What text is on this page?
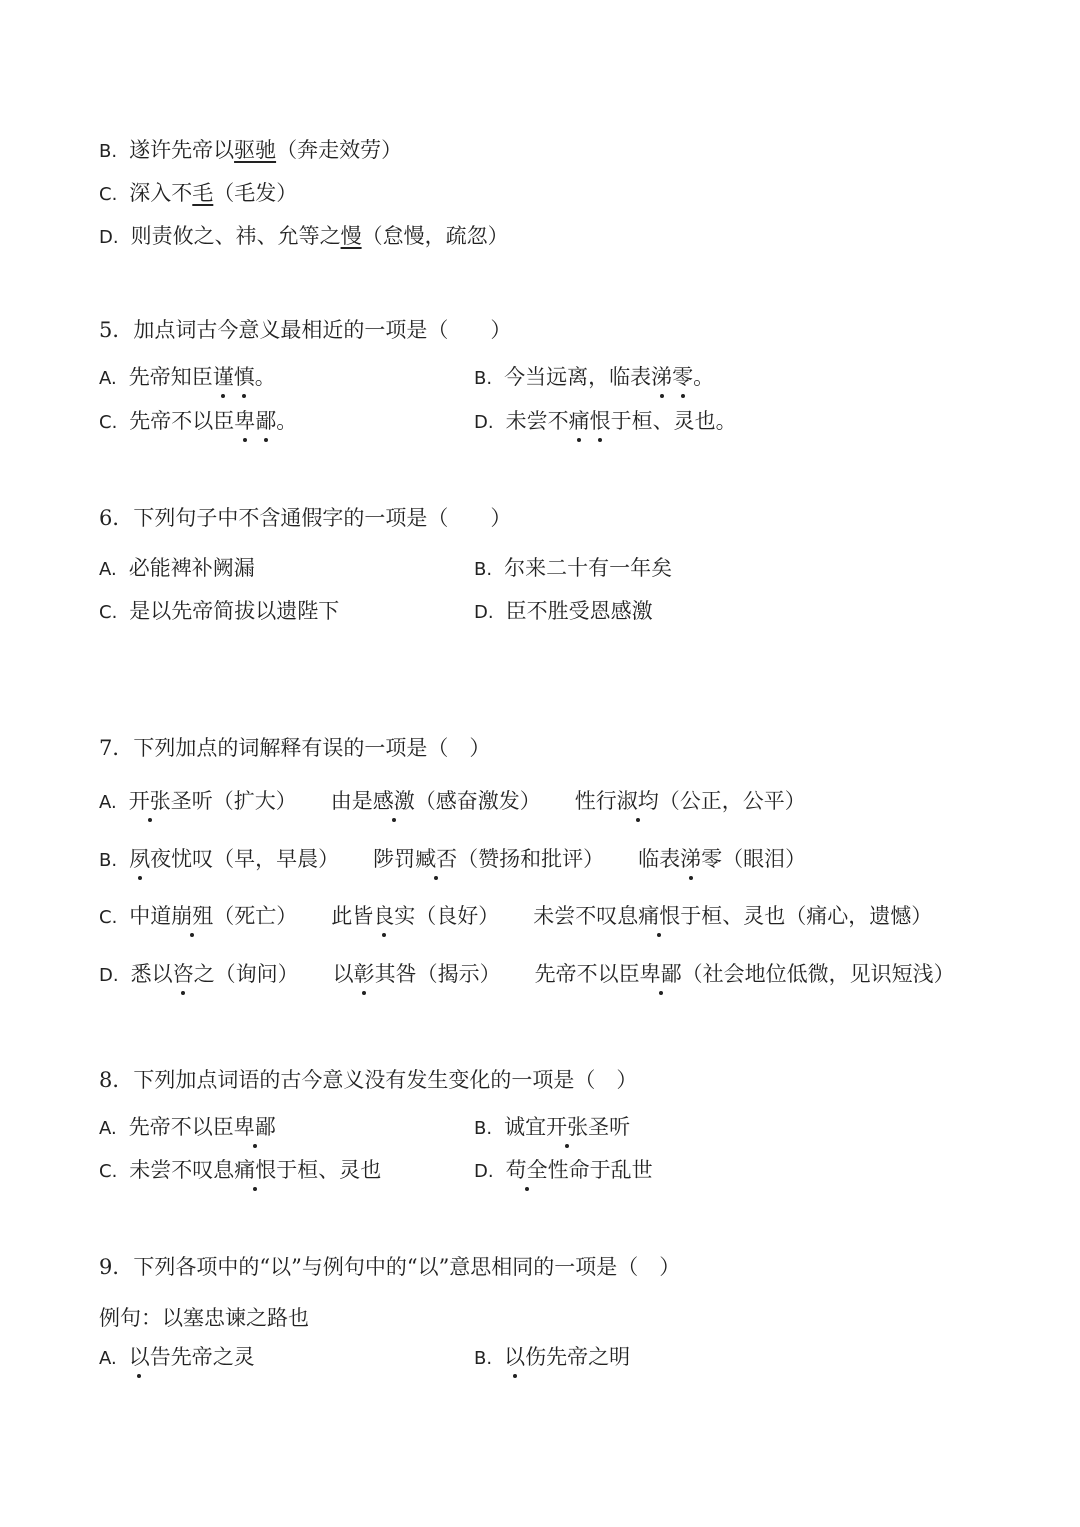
B. 遂许先帝以驱驰（奔走效劳）
C. 深入不毛（毛发）
D. 则责攸之、祎、允等之慢（怠慢，疏忽）
5．加点词古今意义最相近的一项是（　　）
A. 先帝知臣谨慎。	B. 今当远离，临表涕零。
C. 先帝不以臣卑鄙。	D. 未尝不痛恨于桓、灵也。
6．下列句子中不含通假字的一项是（　　）
A. 必能裨补阙漏	B. 尔来二十有一年矣
C. 是以先帝简拔以遗陛下	D. 臣不胜受恩感激
7．下列加点的词解释有误的一项是（　）
A. 开张圣听（扩大） 由是感激（感奋激发） 性行淑均（公正，公平）
B. 夙夜忧叹（早，早晨） 陟罚臧否（赞扬和批评） 临表涕零（眼泪）
C. 中道崩殂（死亡） 此皆良实（良好） 未尝不叹息痛恨于桓、灵也（痛心，遗憾）
D. 悉以咨之（询问） 以彰其咎（揭示） 先帝不以臣卑鄙（社会地位低微，见识短浅）
8．下列加点词语的古今意义没有发生变化的一项是（　）
A. 先帝不以臣卑鄙	B. 诚宜开张圣听
C. 未尝不叹息痛恨于桓、灵也	D. 苟全性命于乱世
9．下列各项中的“以”与例句中的“以”意思相同的一项是（　）
例句：以塞忠谏之路也
A. 以告先帝之灵	B. 以伤先帝之明
